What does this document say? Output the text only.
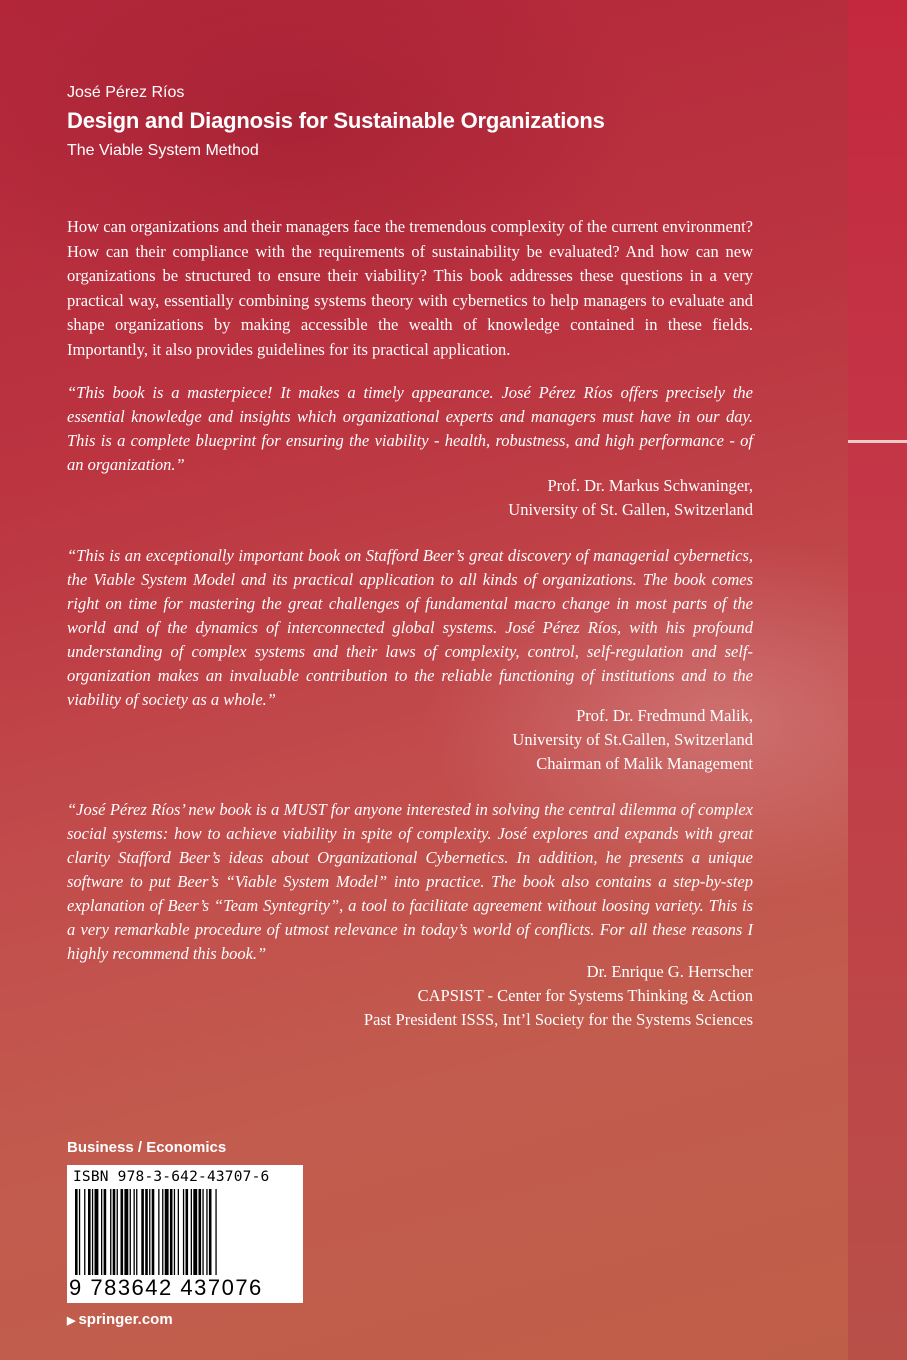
José Pérez Ríos

Design and Diagnosis for Sustainable Organizations

The Viable System Method

How can organizations and their managers face the tremendous complexity of the current environment? How can their compliance with the requirements of sustainability be evaluated? And how can new organizations be structured to ensure their viability? This book addresses these questions in a very practical way, essentially combining systems theory with cybernetics to help managers to evaluate and shape organizations by making accessible the wealth of knowledge contained in these fields. Importantly, it also provides guidelines for its practical application.

“This book is a masterpiece! It makes a timely appearance. José Pérez Ríos offers precisely the essential knowledge and insights which organizational experts and managers must have in our day. This is a complete blueprint for ensuring the viability - health, robustness, and high performance - of an organization.”

Prof. Dr. Markus Schwaninger,
University of St. Gallen, Switzerland

“This is an exceptionally important book on Stafford Beer’s great discovery of managerial cybernetics, the Viable System Model and its practical application to all kinds of organizations. The book comes right on time for mastering the great challenges of fundamental macro change in most parts of the world and of the dynamics of interconnected global systems. José Pérez Ríos, with his profound understanding of complex systems and their laws of complexity, control, self-regulation and self-organization makes an invaluable contribution to the reliable functioning of institutions and to the viability of society as a whole.”

Prof. Dr. Fredmund Malik,
University of St.Gallen, Switzerland
Chairman of Malik Management

“José Pérez Ríos’ new book is a MUST for anyone interested in solving the central dilemma of complex social systems: how to achieve viability in spite of complexity. José explores and expands with great clarity Stafford Beer’s ideas about Organizational Cybernetics. In addition, he presents a unique software to put Beer’s “Viable System Model” into practice. The book also contains a step-by-step explanation of Beer’s “Team Syntegrity”, a tool to facilitate agreement without loosing variety. This is a very remarkable procedure of utmost relevance in today’s world of conflicts. For all these reasons I highly recommend this book.”

Dr. Enrique G. Herrscher
CAPSIST - Center for Systems Thinking & Action
Past President ISSS, Int’l Society for the Systems Sciences
Business / Economics
ISBN 978-3-642-43707-6
9 783642 437076
▶ springer.com
